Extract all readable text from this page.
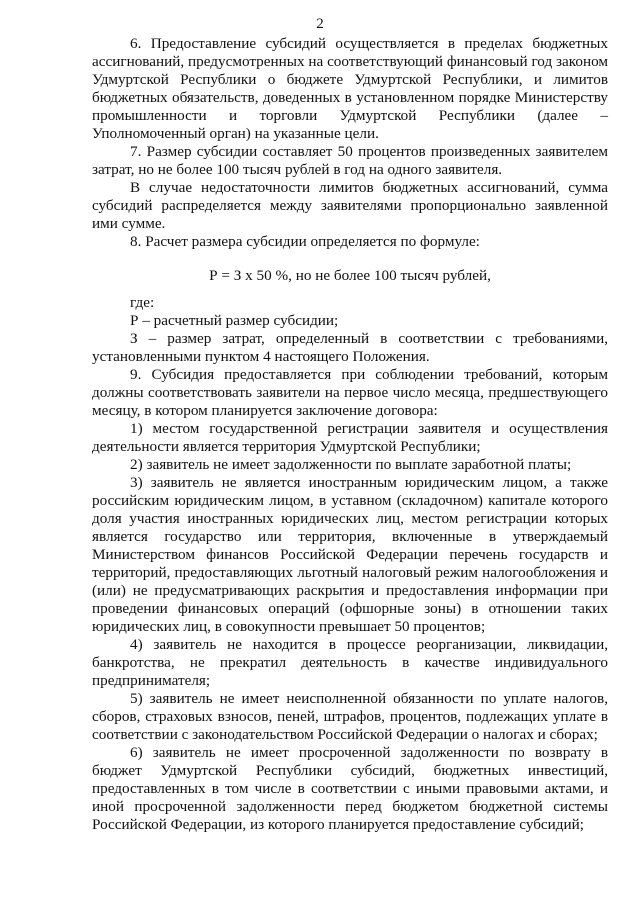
2

6. Предоставление субсидий осуществляется в пределах бюджетных ассигнований, предусмотренных на соответствующий финансовый год законом Удмуртской Республики о бюджете Удмуртской Республики, и лимитов бюджетных обязательств, доведенных в установленном порядке Министерству промышленности и торговли Удмуртской Республики (далее – Уполномоченный орган) на указанные цели.

7. Размер субсидии составляет 50 процентов произведенных заявителем затрат, но не более 100 тысяч рублей в год на одного заявителя.

В случае недостаточности лимитов бюджетных ассигнований, сумма субсидий распределяется между заявителями пропорционально заявленной ими сумме.

8. Расчет размера субсидии определяется по формуле:

Р = З х 50 %, но не более 100 тысяч рублей,

где:

Р – расчетный размер субсидии;

З – размер затрат, определенный в соответствии с требованиями, установленными пунктом 4 настоящего Положения.

9. Субсидия предоставляется при соблюдении требований, которым должны соответствовать заявители на первое число месяца, предшествующего месяцу, в котором планируется заключение договора:

1) местом государственной регистрации заявителя и осуществления деятельности является территория Удмуртской Республики;

2) заявитель не имеет задолженности по выплате заработной платы;

3) заявитель не является иностранным юридическим лицом, а также российским юридическим лицом, в уставном (складочном) капитале которого доля участия иностранных юридических лиц, местом регистрации которых является государство или территория, включенные в утверждаемый Министерством финансов Российской Федерации перечень государств и территорий, предоставляющих льготный налоговый режим налогообложения и (или) не предусматривающих раскрытия и предоставления информации при проведении финансовых операций (офшорные зоны) в отношении таких юридических лиц, в совокупности превышает 50 процентов;

4) заявитель не находится в процессе реорганизации, ликвидации, банкротства, не прекратил деятельность в качестве индивидуального предпринимателя;

5) заявитель не имеет неисполненной обязанности по уплате налогов, сборов, страховых взносов, пеней, штрафов, процентов, подлежащих уплате в соответствии с законодательством Российской Федерации о налогах и сборах;

6) заявитель не имеет просроченной задолженности по возврату в бюджет Удмуртской Республики субсидий, бюджетных инвестиций, предоставленных в том числе в соответствии с иными правовыми актами, и иной просроченной задолженности перед бюджетом бюджетной системы Российской Федерации, из которого планируется предоставление субсидий;
